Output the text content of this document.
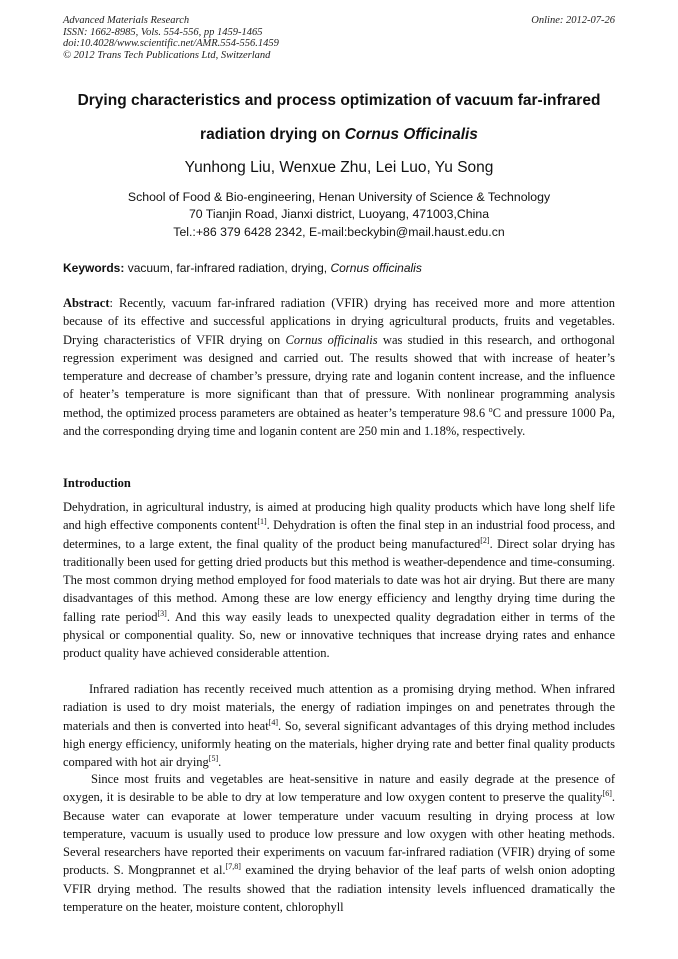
Advanced Materials Research
ISSN: 1662-8985, Vols. 554-556, pp 1459-1465
doi:10.4028/www.scientific.net/AMR.554-556.1459
© 2012 Trans Tech Publications Ltd, Switzerland
Online: 2012-07-26
Drying characteristics and process optimization of vacuum far-infrared
radiation drying on Cornus Officinalis
Yunhong Liu, Wenxue Zhu, Lei Luo, Yu Song
School of Food & Bio-engineering, Henan University of Science & Technology
70 Tianjin Road, Jianxi district, Luoyang, 471003,China
Tel.:+86 379 6428 2342, E-mail:beckybin@mail.haust.edu.cn
Keywords: vacuum, far-infrared radiation, drying, Cornus officinalis
Abstract: Recently, vacuum far-infrared radiation (VFIR) drying has received more and more attention because of its effective and successful applications in drying agricultural products, fruits and vegetables. Drying characteristics of VFIR drying on Cornus officinalis was studied in this research, and orthogonal regression experiment was designed and carried out. The results showed that with increase of heater’s temperature and decrease of chamber’s pressure, drying rate and loganin content increase, and the influence of heater’s temperature is more significant than that of pressure. With nonlinear programming analysis method, the optimized process parameters are obtained as heater’s temperature 98.6 $^o$C and pressure 1000 Pa, and the corresponding drying time and loganin content are 250 min and 1.18%, respectively.
Introduction
Dehydration, in agricultural industry, is aimed at producing high quality products which have long shelf life and high effective components content[1]. Dehydration is often the final step in an industrial food process, and determines, to a large extent, the final quality of the product being manufactured[2]. Direct solar drying has traditionally been used for getting dried products but this method is weather-dependence and time-consuming. The most common drying method employed for food materials to date was hot air drying. But there are many disadvantages of this method. Among these are low energy efficiency and lengthy drying time during the falling rate period[3]. And this way easily leads to unexpected quality degradation either in terms of the physical or componential quality. So, new or innovative techniques that increase drying rates and enhance product quality have achieved considerable attention.
Infrared radiation has recently received much attention as a promising drying method. When infrared radiation is used to dry moist materials, the energy of radiation impinges on and penetrates through the materials and then is converted into heat[4]. So, several significant advantages of this drying method includes high energy efficiency, uniformly heating on the materials, higher drying rate and better final quality products compared with hot air drying[5].
Since most fruits and vegetables are heat-sensitive in nature and easily degrade at the presence of oxygen, it is desirable to be able to dry at low temperature and low oxygen content to preserve the quality[6]. Because water can evaporate at lower temperature under vacuum resulting in drying process at low temperature, vacuum is usually used to produce low pressure and low oxygen with other heating methods. Several researchers have reported their experiments on vacuum far-infrared radiation (VFIR) drying of some products. S. Mongprannet et al.[7,8] examined the drying behavior of the leaf parts of welsh onion adopting VFIR drying method. The results showed that the radiation intensity levels influenced dramatically the temperature on the heater, moisture content, chlorophyll
